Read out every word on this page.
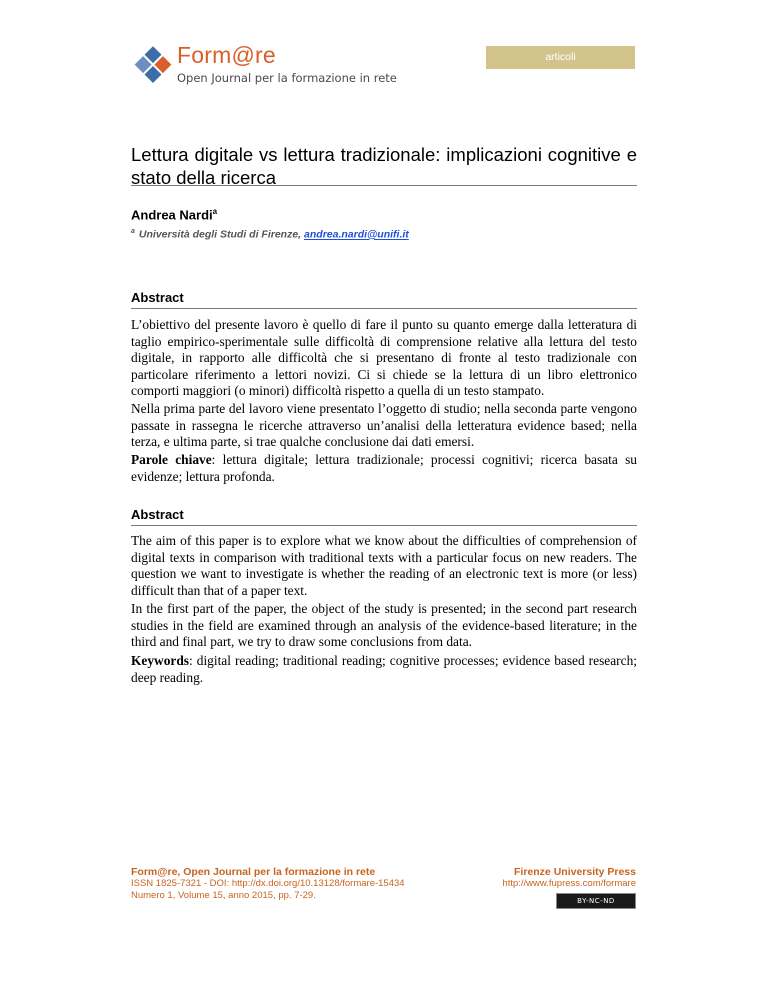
Form@re
Open Journal per la formazione in rete
articoli
Lettura digitale vs lettura tradizionale: implicazioni cognitive e stato della ricerca
Andrea Nardi$^a$
$^a$ Università degli Studi di Firenze, andrea.nardi@unifi.it
Abstract

L’obiettivo del presente lavoro è quello di fare il punto su quanto emerge dalla letteratura di taglio empirico-sperimentale sulle difficoltà di comprensione relative alla lettura del testo digitale, in rapporto alle difficoltà che si presentano di fronte al testo tradizionale con particolare riferimento a lettori novizi. Ci si chiede se la lettura di un libro elettronico comporti maggiori (o minori) difficoltà rispetto a quella di un testo stampato.

Nella prima parte del lavoro viene presentato l’oggetto di studio; nella seconda parte vengono passate in rassegna le ricerche attraverso un’analisi della letteratura evidence based; nella terza, e ultima parte, si trae qualche conclusione dai dati emersi.

Parole chiave: lettura digitale; lettura tradizionale; processi cognitivi; ricerca basata su evidenze; lettura profonda.

Abstract

The aim of this paper is to explore what we know about the difficulties of comprehension of digital texts in comparison with traditional texts with a particular focus on new readers. The question we want to investigate is whether the reading of an electronic text is more (or less) difficult than that of a paper text.

In the first part of the paper, the object of the study is presented; in the second part research studies in the field are examined through an analysis of the evidence-based literature; in the third and final part, we try to draw some conclusions from data.

Keywords: digital reading; traditional reading; cognitive processes; evidence based research; deep reading.

Form@re, Open Journal per la formazione in rete
ISSN 1825-7321 - DOI: http://dx.doi.org/10.13128/formare-15434
Numero 1, Volume 15, anno 2015, pp. 7-29.
Firenze University Press
http://www.fupress.com/formare
BY-NC-ND
